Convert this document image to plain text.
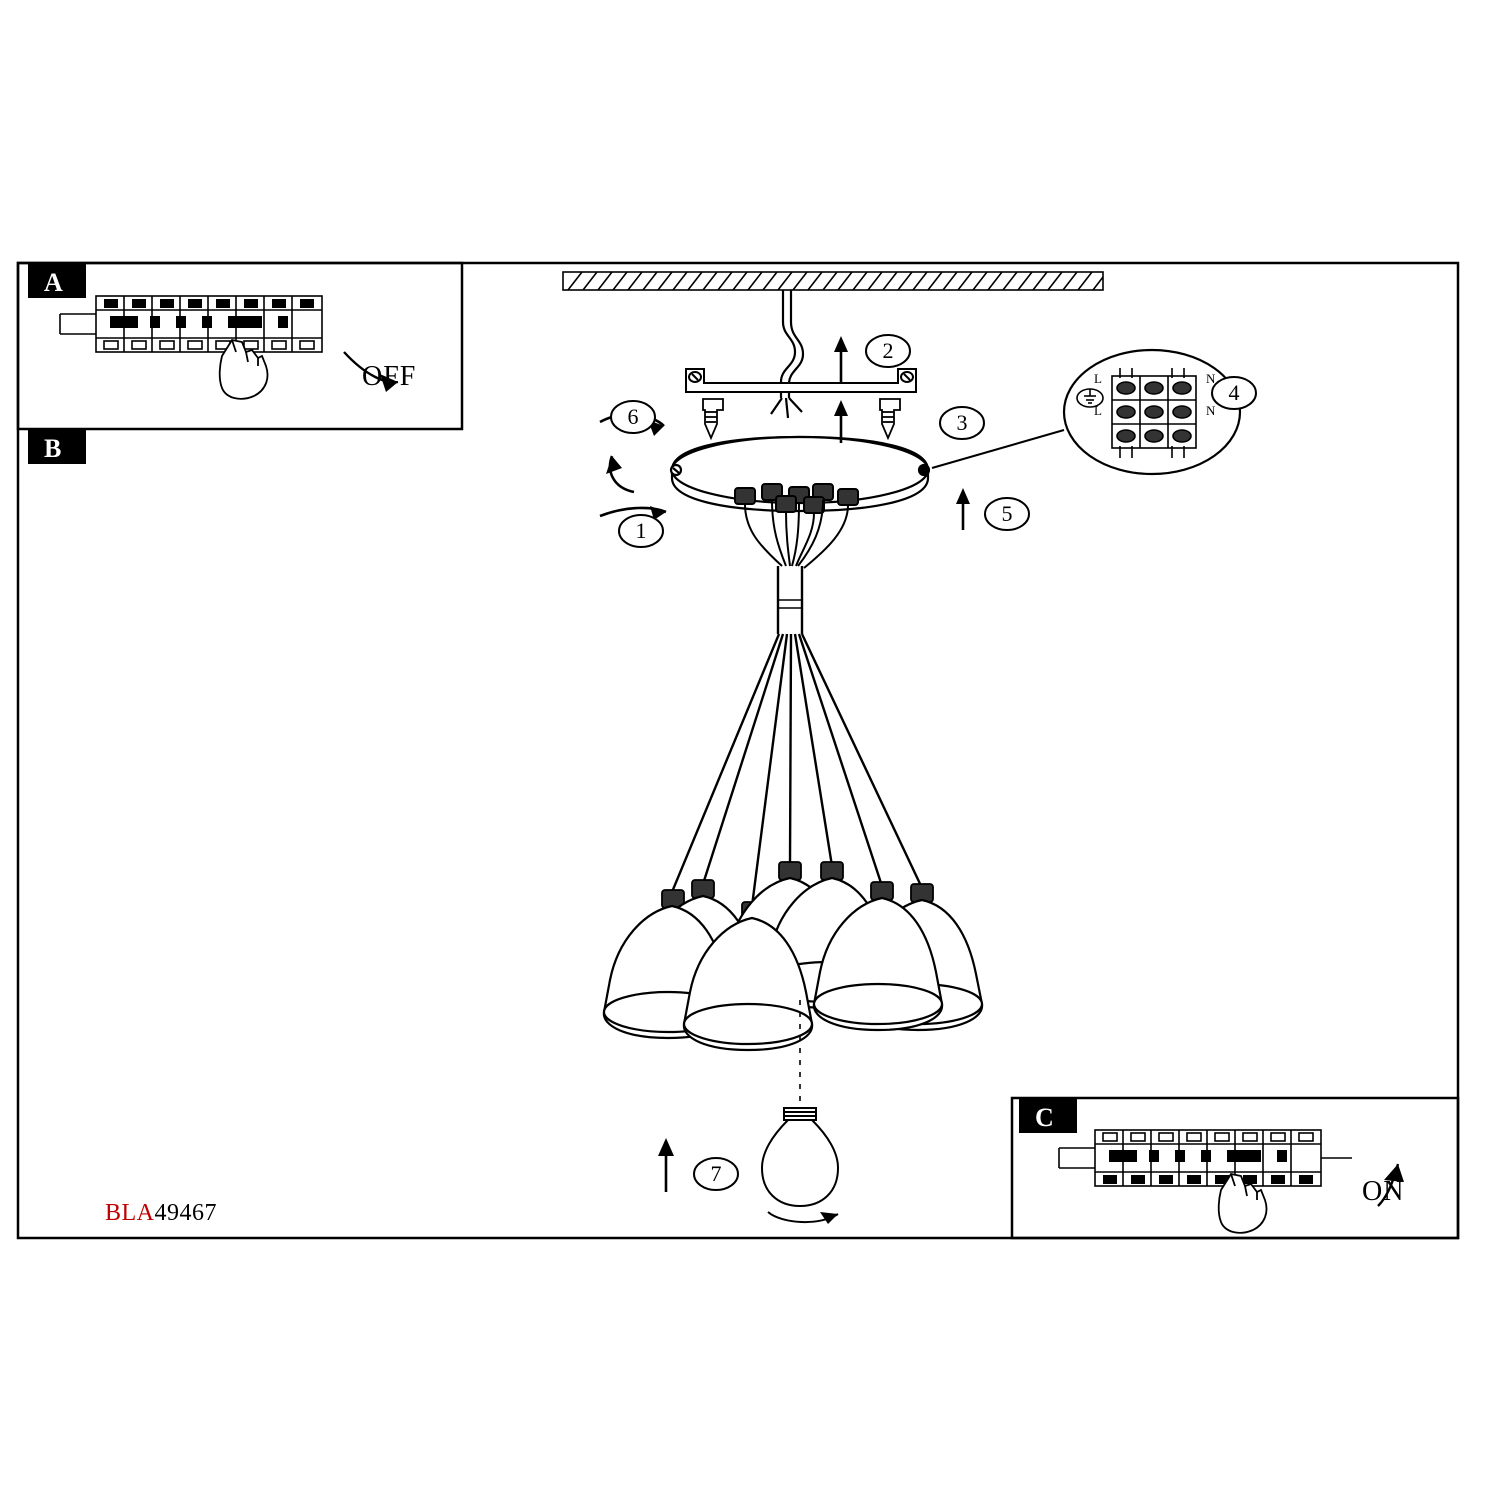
A
B
C
OFF
ON
6
1
2
3
4
5
7
L
L
N
N
BLA49467
